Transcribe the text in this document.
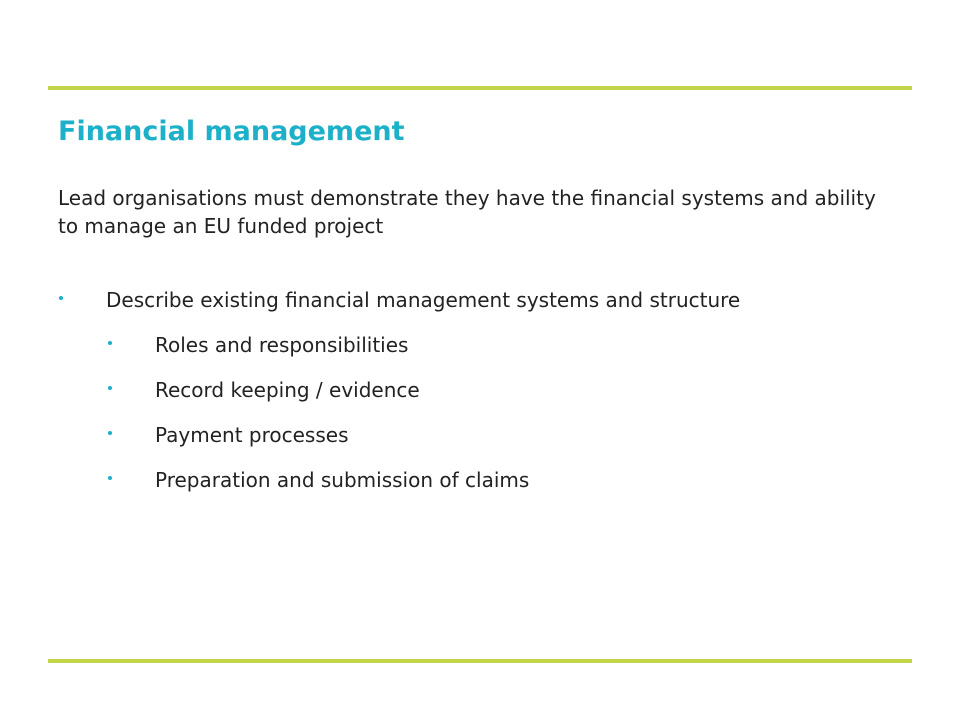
Financial management

Lead organisations must demonstrate they have the financial systems and ability to manage an EU funded project

Describe existing financial management systems and structure
Roles and responsibilities
Record keeping / evidence
Payment processes
Preparation and submission of claims
